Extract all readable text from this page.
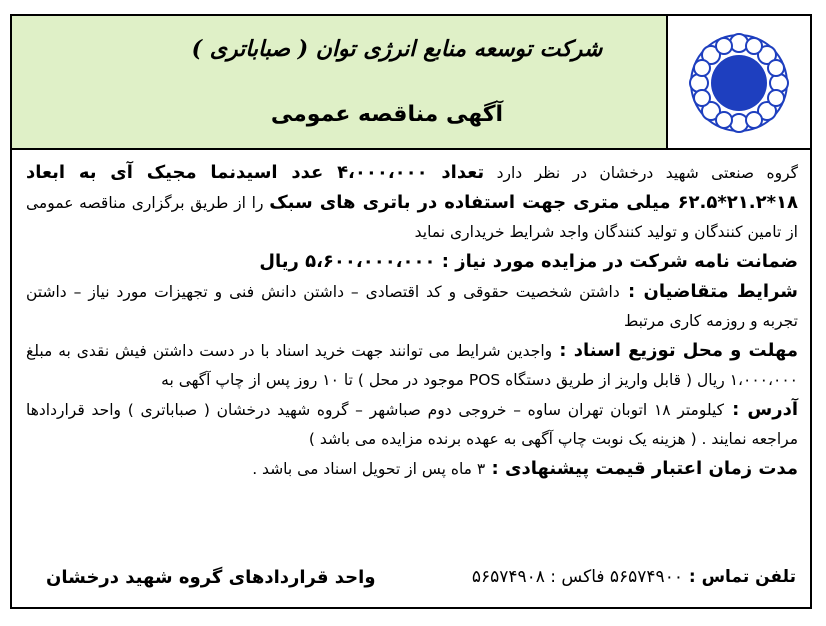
شرکت توسعه منابع انرژی توان ( صباباتری )
آگهی مناقصه عمومی

گروه صنعتی شهید درخشان در نظر دارد تعداد ۴،۰۰۰،۰۰۰ عدد اسیدنما مجیک آی به ابعاد ۱۸*۲۱.۲*۶۲.۵ میلی متری جهت استفاده در باتری های سبک را از طریق برگزاری مناقصه عمومی از تامین کنندگان و تولید کنندگان واجد شرایط خریداری نماید

ضمانت نامه شرکت در مزایده مورد نیاز : ۵،۶۰۰،۰۰۰،۰۰۰ ریال

شرایط متقاضیان : داشتن شخصیت حقوقی و کد اقتصادی – داشتن دانش فنی و تجهیزات مورد نیاز – داشتن تجربه و روزمه کاری مرتبط

مهلت و محل توزیع اسناد : واجدین شرایط می توانند جهت خرید اسناد با در دست داشتن فیش نقدی به مبلغ ۱،۰۰۰،۰۰۰ ریال ( قابل واریز از طریق دستگاه POS موجود در محل ) تا ۱۰ روز پس از چاپ آگهی به

آدرس : کیلومتر ۱۸ اتوبان تهران ساوه – خروجی دوم صباشهر – گروه شهید درخشان ( صباباتری ) واحد قراردادها مراجعه نمایند . ( هزینه یک نوبت چاپ آگهی به عهده برنده مزایده می باشد )

مدت زمان اعتبار قیمت پیشنهادی : ۳ ماه پس از تحویل اسناد می باشد .

تلفن تماس : ۵۶۵۷۴۹۰۰ فاکس : ۵۶۵۷۴۹۰۸
واحد قراردادهای گروه شهید درخشان
